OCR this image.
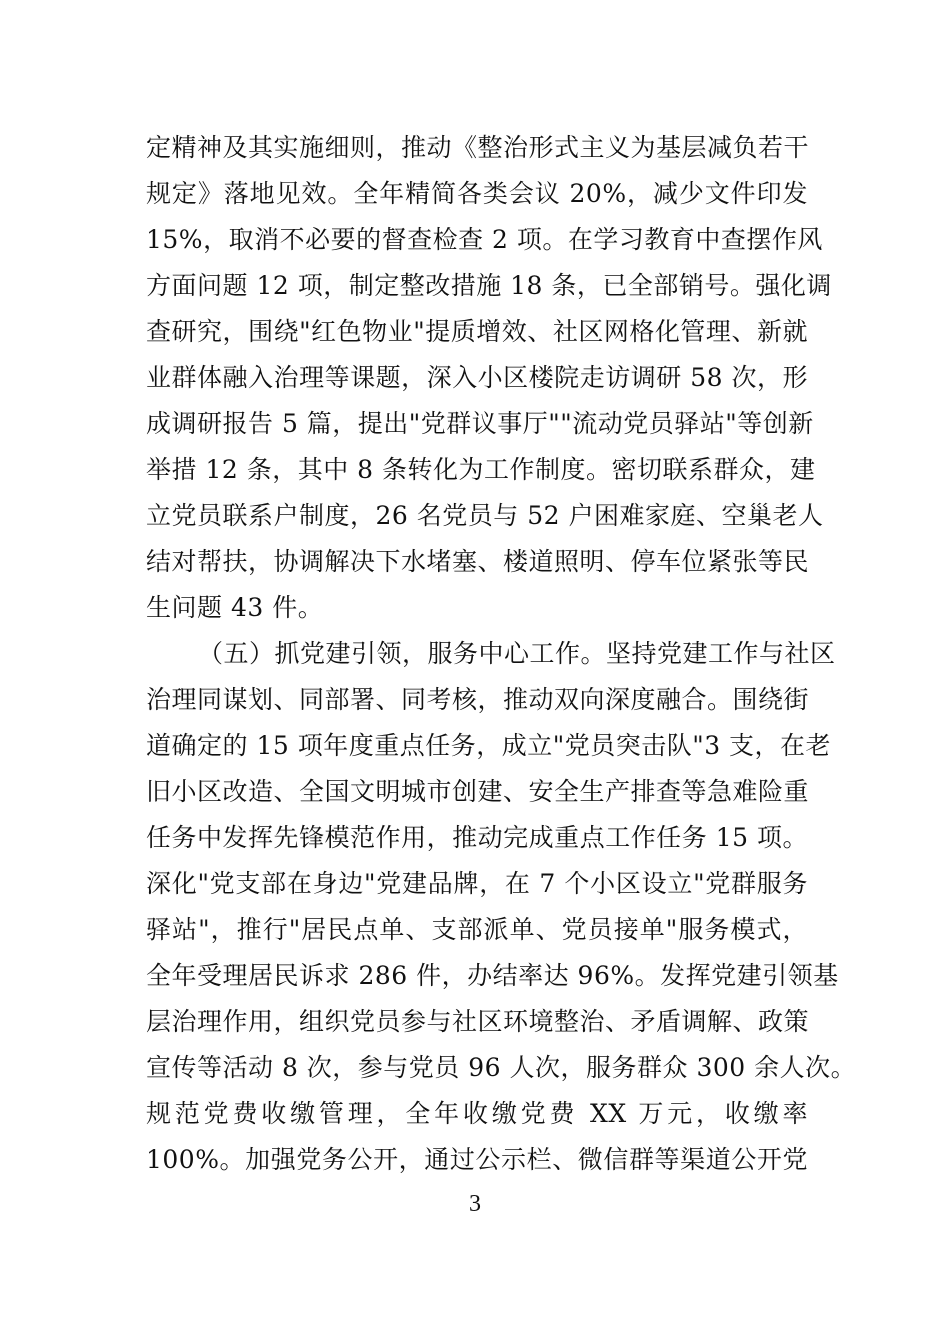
定精神及其实施细则，推动《整治形式主义为基层减负若干
规定》落地见效。全年精简各类会议 20%，减少文件印发
15%，取消不必要的督查检查 2 项。在学习教育中查摆作风
方面问题 12 项，制定整改措施 18 条，已全部销号。强化调
查研究，围绕"红色物业"提质增效、社区网格化管理、新就
业群体融入治理等课题，深入小区楼院走访调研 58 次，形
成调研报告 5 篇，提出"党群议事厅""流动党员驿站"等创新
举措 12 条，其中 8 条转化为工作制度。密切联系群众，建
立党员联系户制度，26 名党员与 52 户困难家庭、空巢老人
结对帮扶，协调解决下水堵塞、楼道照明、停车位紧张等民
生问题 43 件。
（五）抓党建引领，服务中心工作。坚持党建工作与社区
治理同谋划、同部署、同考核，推动双向深度融合。围绕街
道确定的 15 项年度重点任务，成立"党员突击队"3 支，在老
旧小区改造、全国文明城市创建、安全生产排查等急难险重
任务中发挥先锋模范作用，推动完成重点工作任务 15 项。
深化"党支部在身边"党建品牌，在 7 个小区设立"党群服务
驿站"，推行"居民点单、支部派单、党员接单"服务模式，
全年受理居民诉求 286 件，办结率达 96%。发挥党建引领基
层治理作用，组织党员参与社区环境整治、矛盾调解、政策
宣传等活动 8 次，参与党员 96 人次，服务群众 300 余人次。
规范党费收缴管理，全年收缴党费 XX 万元，收缴率
100%。加强党务公开，通过公示栏、微信群等渠道公开党
3
